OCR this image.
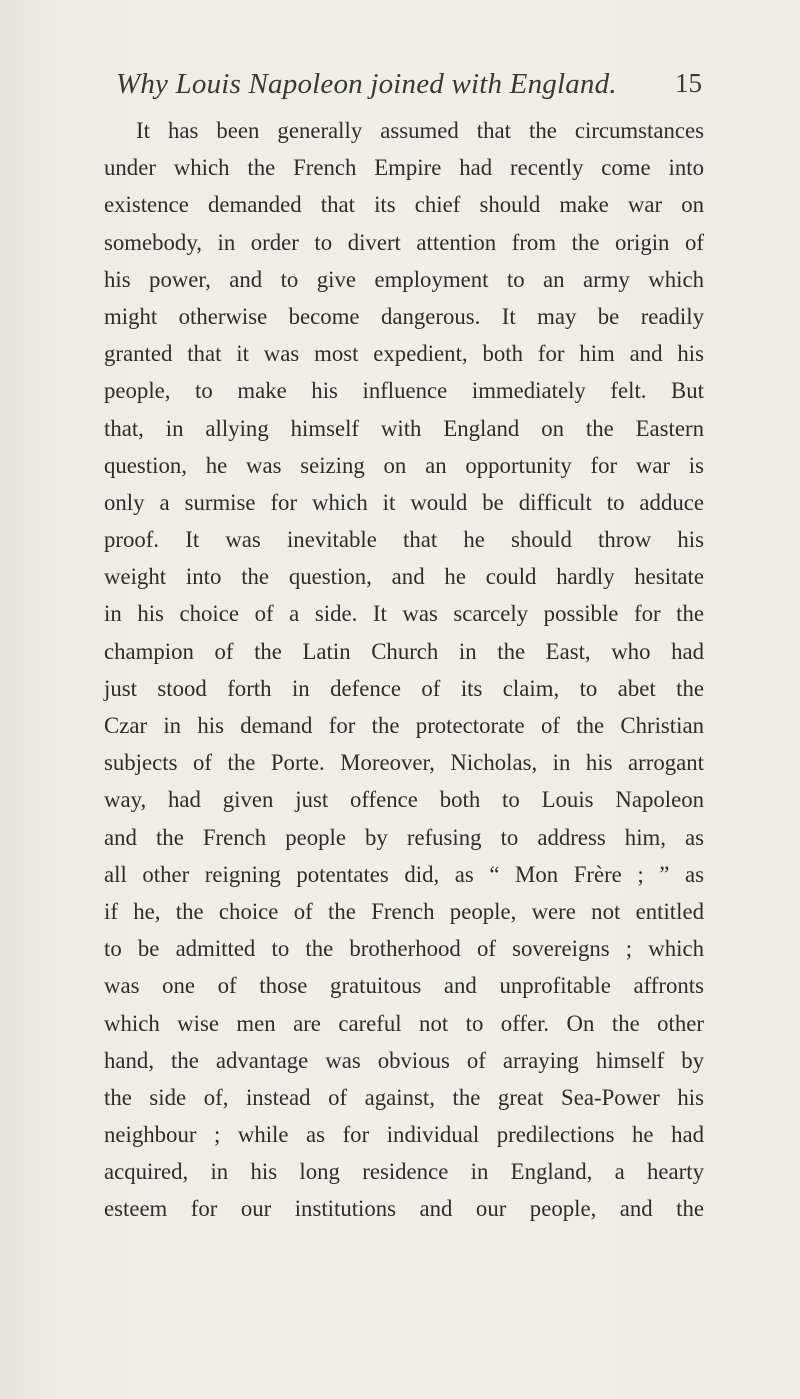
Why Louis Napoleon joined with England. 15
It has been generally assumed that the circumstances
under which the French Empire had recently come into
existence demanded that its chief should make war on
somebody, in order to divert attention from the origin of
his power, and to give employment to an army which
might otherwise become dangerous. It may be readily
granted that it was most expedient, both for him and his
people, to make his influence immediately felt. But
that, in allying himself with England on the Eastern
question, he was seizing on an opportunity for war is
only a surmise for which it would be difficult to adduce
proof. It was inevitable that he should throw his
weight into the question, and he could hardly hesitate
in his choice of a side. It was scarcely possible for the
champion of the Latin Church in the East, who had
just stood forth in defence of its claim, to abet the
Czar in his demand for the protectorate of the Christian
subjects of the Porte. Moreover, Nicholas, in his arrogant
way, had given just offence both to Louis Napoleon
and the French people by refusing to address him, as
all other reigning potentates did, as “ Mon Frère ; ” as
if he, the choice of the French people, were not entitled
to be admitted to the brotherhood of sovereigns ; which
was one of those gratuitous and unprofitable affronts
which wise men are careful not to offer. On the other
hand, the advantage was obvious of arraying himself by
the side of, instead of against, the great Sea-Power his
neighbour ; while as for individual predilections he had
acquired, in his long residence in England, a hearty
esteem for our institutions and our people, and the
